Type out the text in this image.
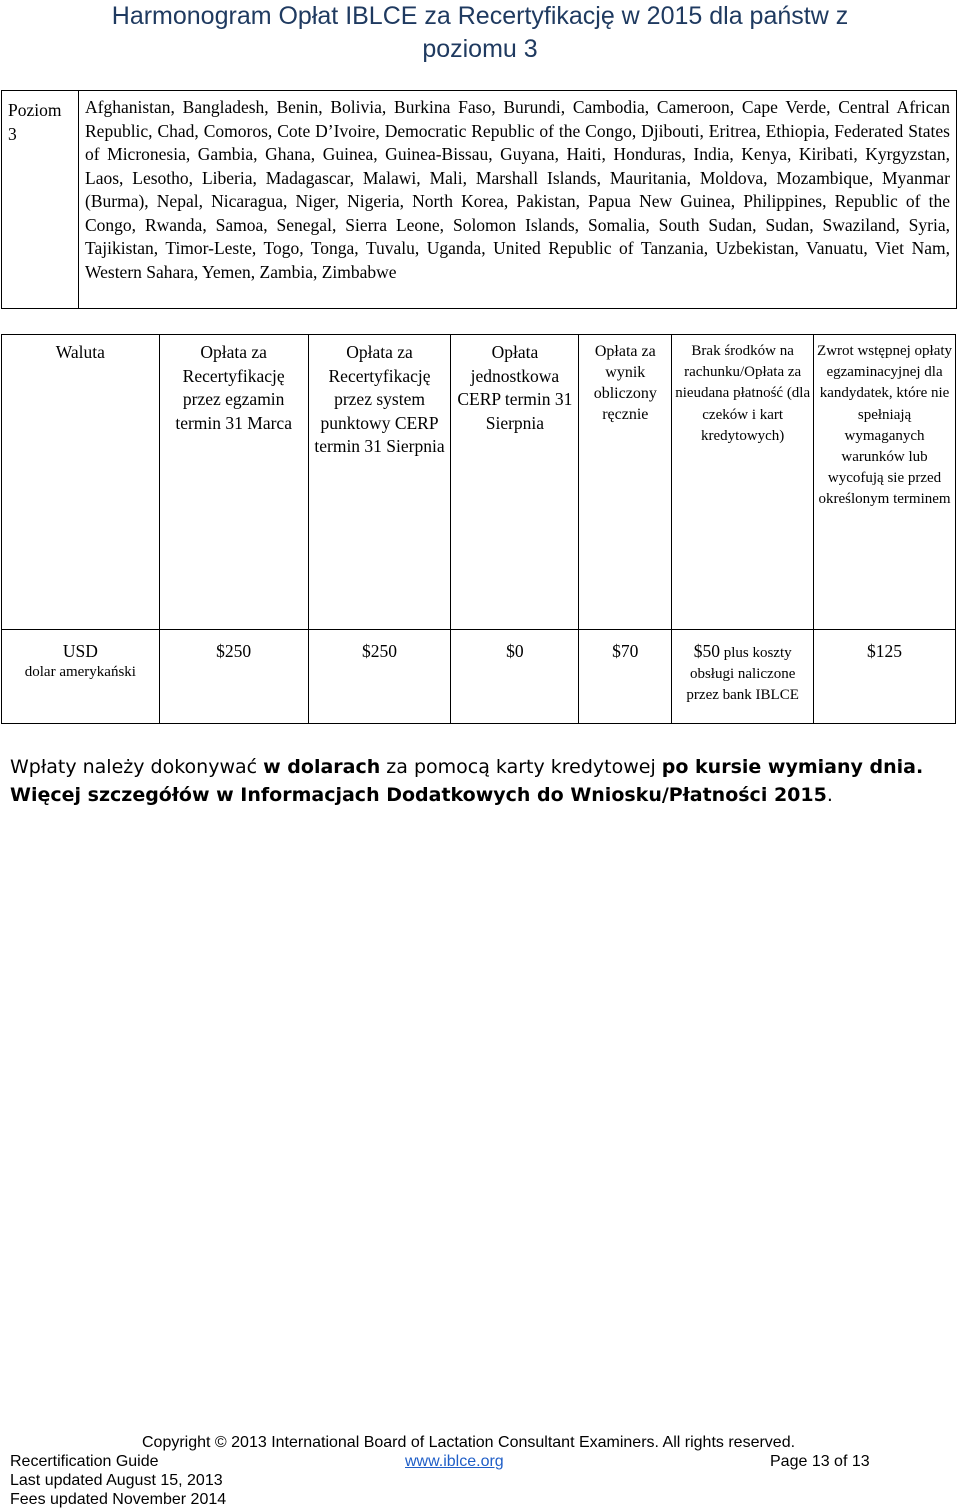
Harmonogram Opłat IBLCE za Recertyfikację w 2015 dla państw z
poziomu 3
Poziom
3
	Afghanistan, Bangladesh, Benin, Bolivia, Burkina Faso, Burundi, Cambodia, Cameroon, Cape Verde, Central African Republic, Chad, Comoros, Cote D’Ivoire, Democratic Republic of the Congo, Djibouti, Eritrea, Ethiopia, Federated States of Micronesia, Gambia, Ghana, Guinea, Guinea-Bissau, Guyana, Haiti, Honduras, India, Kenya, Kiribati, Kyrgyzstan, Laos, Lesotho, Liberia, Madagascar, Malawi, Mali, Marshall Islands, Mauritania, Moldova, Mozambique, Myanmar (Burma), Nepal, Nicaragua, Niger, Nigeria, North Korea, Pakistan, Papua New Guinea, Philippines, Republic of the Congo, Rwanda, Samoa, Senegal, Sierra Leone, Solomon Islands, Somalia, South Sudan, Sudan, Swaziland, Syria, Tajikistan, Timor-Leste, Togo, Tonga, Tuvalu, Uganda, United Republic of Tanzania, Uzbekistan, Vanuatu, Viet Nam, Western Sahara, Yemen, Zambia, Zimbabwe
Waluta	Opłata za Recertyfikację przez egzamin termin 31 Marca	Opłata za Recertyfikację przez system punktowy CERP termin 31 Sierpnia	Opłata jednostkowa CERP termin 31 Sierpnia	Opłata za wynik obliczony ręcznie	Brak środków na rachunku/Opłata za nieudana płatność (dla czeków i kart kredytowych)	Zwrot wstępnej opłaty egzaminacyjnej dla kandydatek, które nie spełniają wymaganych warunków lub wycofują sie przed określonym terminem

USD
dolar amerykański	$250	$250	$0	$70	$50 plus koszty obsługi naliczone przez bank IBLCE	$125
Wpłaty należy dokonywać w dolarach za pomocą karty kredytowej po kursie wymiany dnia.
Więcej szczegółów w Informacjach Dodatkowych do Wniosku/Płatności 2015.
Copyright © 2013 International Board of Lactation Consultant Examiners. All rights reserved.
Recertification Guide	www.iblce.org	Page 13 of 13
Last updated August 15, 2013
Fees updated November 2014
